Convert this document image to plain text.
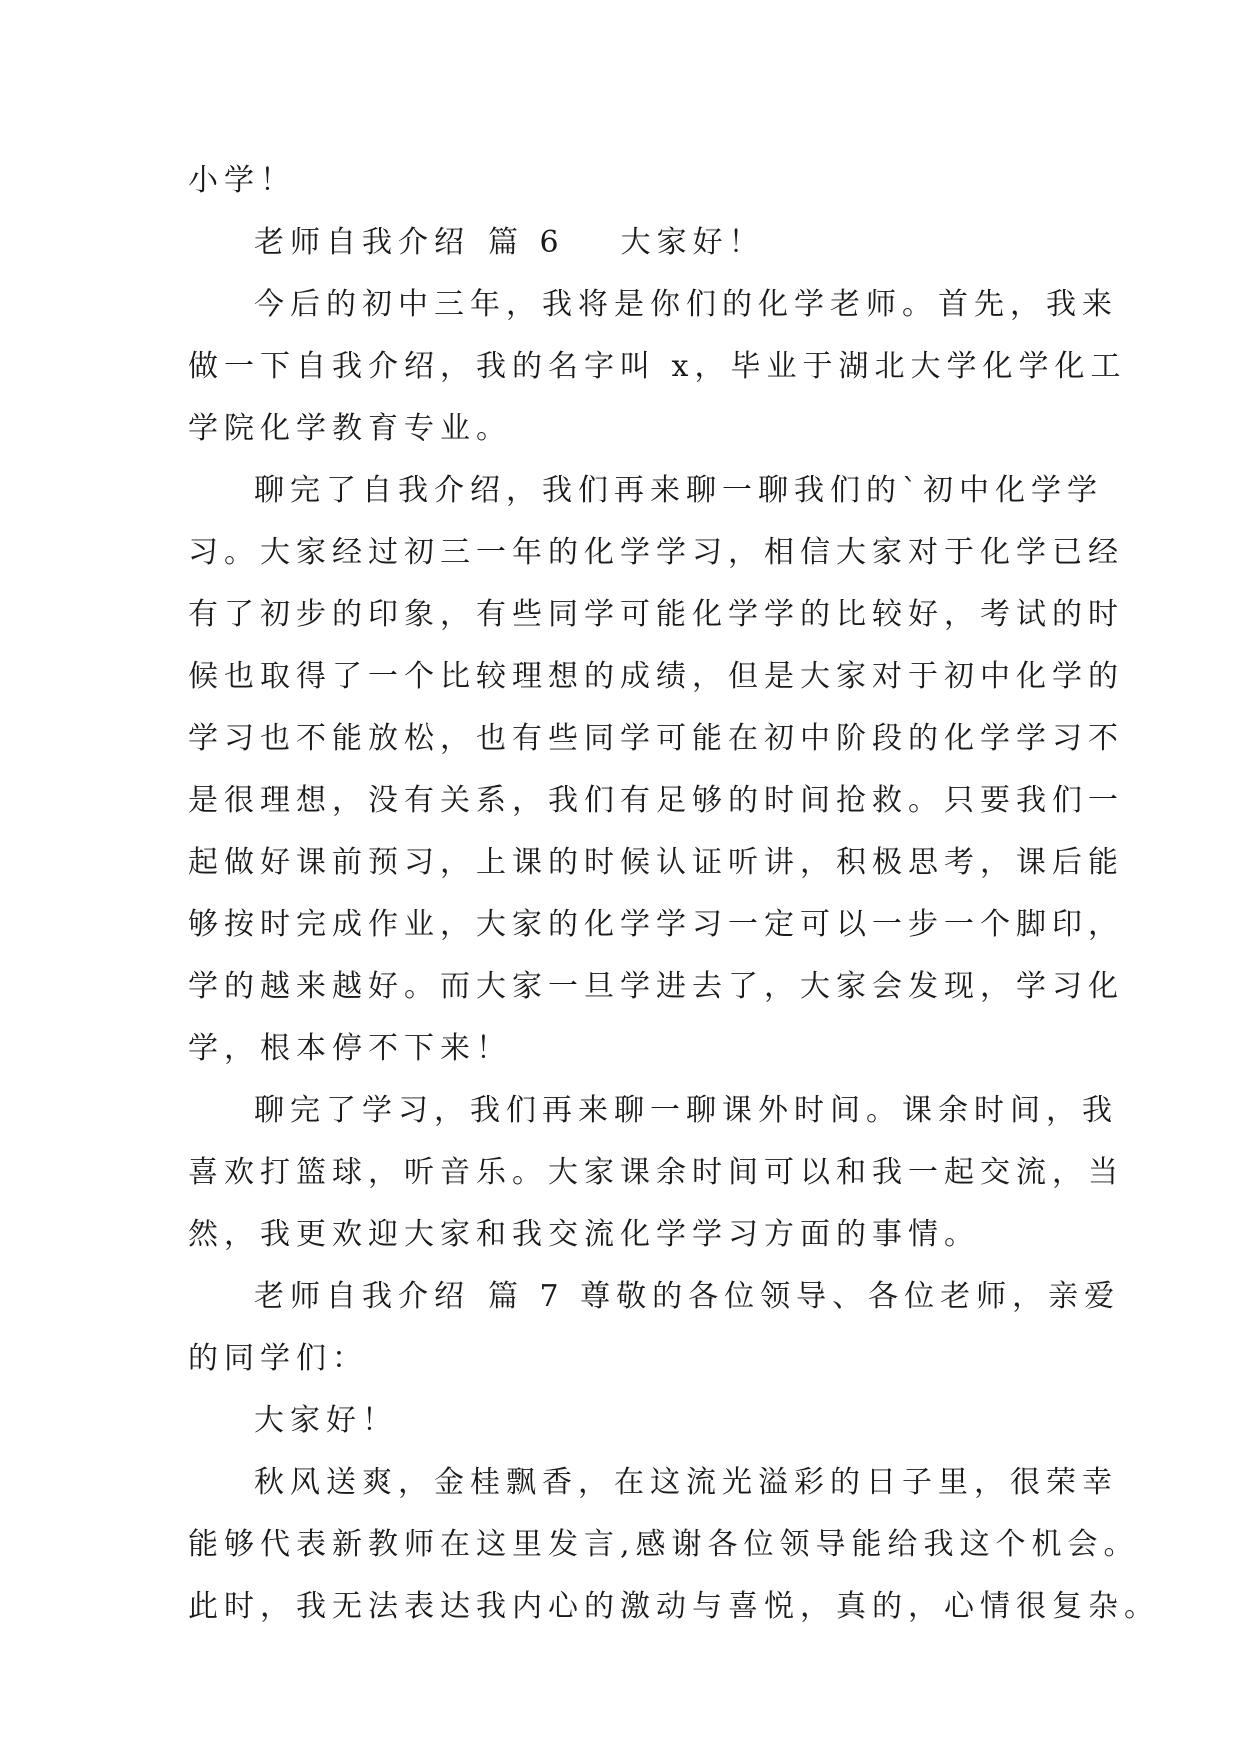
小学！
老师自我介绍 篇 6 大家好！
今后的初中三年，我将是你们的化学老师。首先，我来
做一下自我介绍，我的名字叫 x，毕业于湖北大学化学化工
学院化学教育专业。
聊完了自我介绍，我们再来聊一聊我们的`初中化学学
习。大家经过初三一年的化学学习，相信大家对于化学已经
有了初步的印象，有些同学可能化学学的比较好，考试的时
候也取得了一个比较理想的成绩，但是大家对于初中化学的
学习也不能放松，也有些同学可能在初中阶段的化学学习不
是很理想，没有关系，我们有足够的时间抢救。只要我们一
起做好课前预习，上课的时候认证听讲，积极思考，课后能
够按时完成作业，大家的化学学习一定可以一步一个脚印，
学的越来越好。而大家一旦学进去了，大家会发现，学习化
学，根本停不下来！
聊完了学习，我们再来聊一聊课外时间。课余时间，我
喜欢打篮球，听音乐。大家课余时间可以和我一起交流，当
然，我更欢迎大家和我交流化学学习方面的事情。
老师自我介绍 篇 7 尊敬的各位领导、各位老师，亲爱
的同学们：
大家好！
秋风送爽，金桂飘香，在这流光溢彩的日子里，很荣幸
能够代表新教师在这里发言,感谢各位领导能给我这个机会。
此时，我无法表达我内心的激动与喜悦，真的，心情很复杂。
